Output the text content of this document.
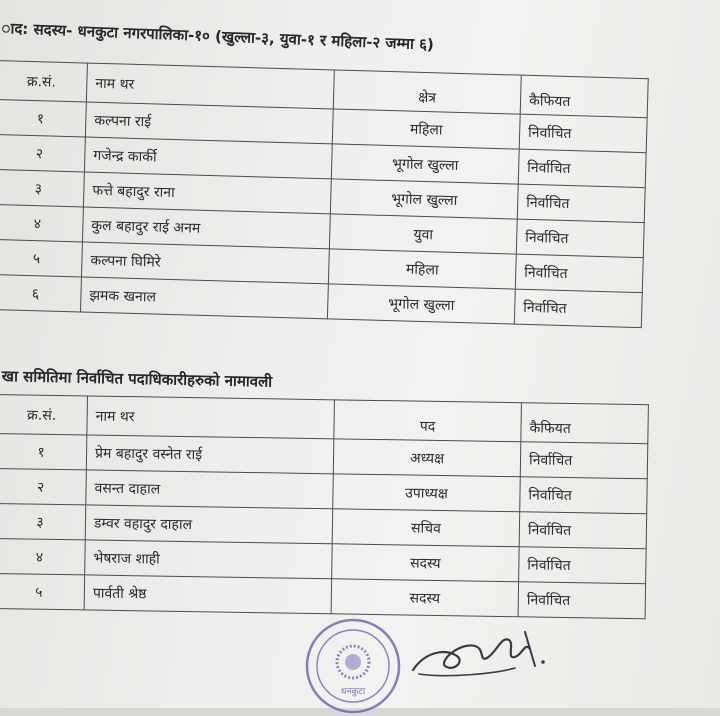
ाद: सदस्य- धनकुटा नगरपालिका-१० (खुल्ला-३, युवा-१ र महिला-२ जम्मा ६)
क्र.सं.	नाम थर	क्षेत्र	कैफियत
१	कल्पना राई	महिला	निर्वाचित
२	गजेन्द्र कार्की	भूगोल खुल्ला	निर्वाचित
३	फत्ते बहादुर राना	भूगोल खुल्ला	निर्वाचित
४	कुल बहादुर राई अनम	युवा	निर्वाचित
५	कल्पना घिमिरे	महिला	निर्वाचित
६	झमक खनाल	भूगोल खुल्ला	निर्वाचित
खा समितिमा निर्वाचित पदाधिकारीहरुको नामावली
क्र.सं.	नाम थर	पद	कैफियत
१	प्रेम बहादुर वस्नेत राई	अध्यक्ष	निर्वाचित
२	वसन्त दाहाल	उपाध्यक्ष	निर्वाचित
३	डम्वर वहादुर दाहाल	सचिव	निर्वाचित
४	भेषराज शाही	सदस्य	निर्वाचित
५	पार्वती श्रेष्ठ	सदस्य	निर्वाचित
धनकुटा
